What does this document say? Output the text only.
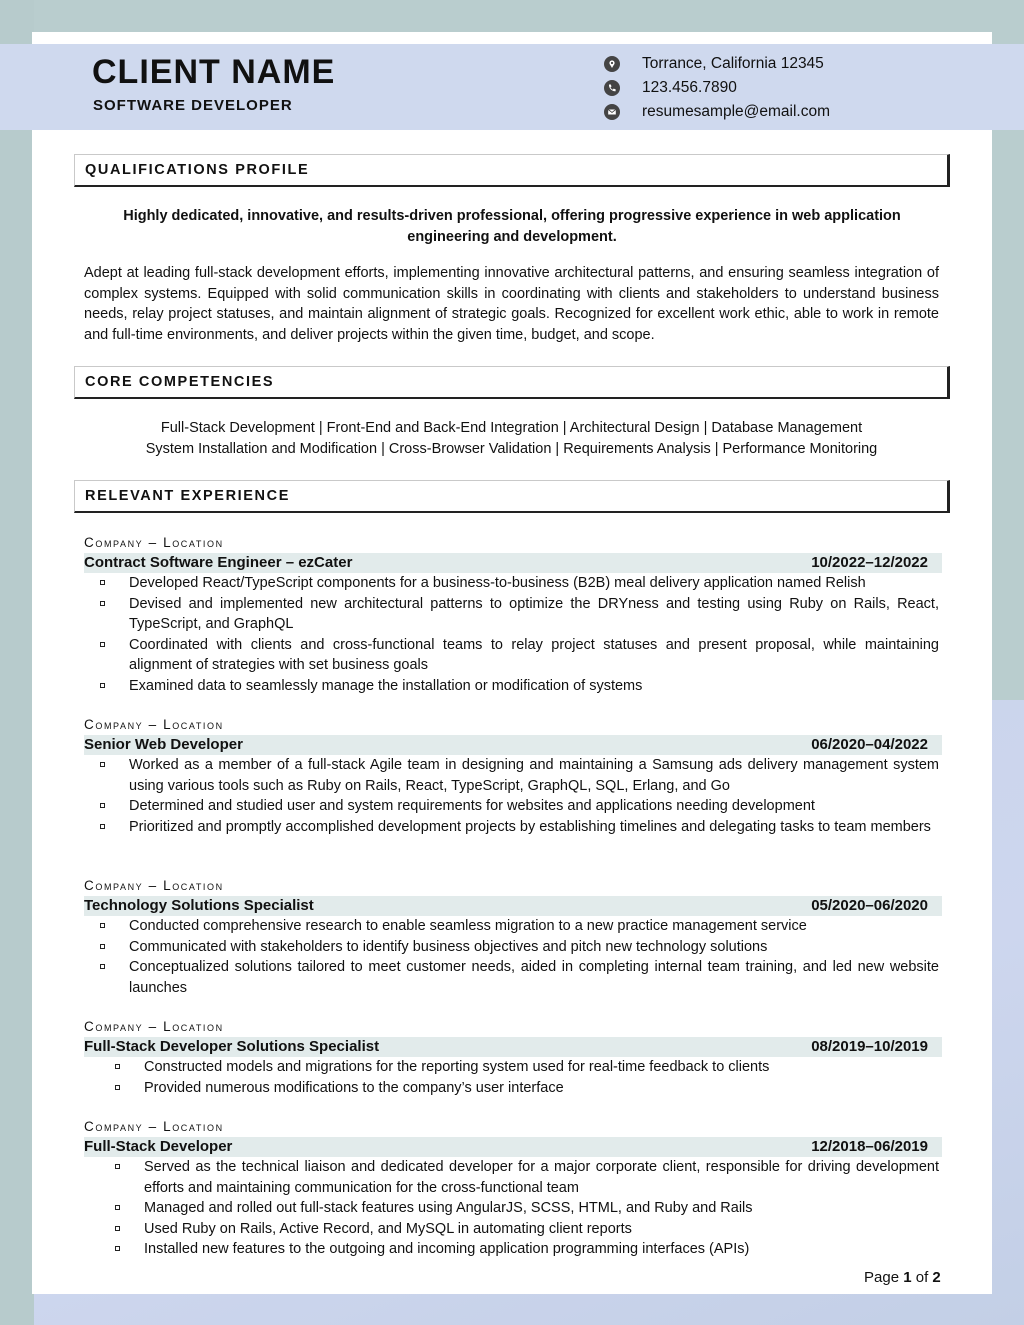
CLIENT NAME
SOFTWARE DEVELOPER
Torrance, California 12345
123.456.7890
resumesample@email.com
QUALIFICATIONS PROFILE
Highly dedicated, innovative, and results-driven professional, offering progressive experience in web application engineering and development.
Adept at leading full-stack development efforts, implementing innovative architectural patterns, and ensuring seamless integration of complex systems. Equipped with solid communication skills in coordinating with clients and stakeholders to understand business needs, relay project statuses, and maintain alignment of strategic goals. Recognized for excellent work ethic, able to work in remote and full-time environments, and deliver projects within the given time, budget, and scope.
CORE COMPETENCIES
Full-Stack Development | Front-End and Back-End Integration | Architectural Design | Database Management
System Installation and Modification | Cross-Browser Validation | Requirements Analysis | Performance Monitoring
RELEVANT EXPERIENCE
Company – Location
Contract Software Engineer – ezCater	10/2022–12/2022
Developed React/TypeScript components for a business-to-business (B2B) meal delivery application named Relish
Devised and implemented new architectural patterns to optimize the DRYness and testing using Ruby on Rails, React, TypeScript, and GraphQL
Coordinated with clients and cross-functional teams to relay project statuses and present proposal, while maintaining alignment of strategies with set business goals
Examined data to seamlessly manage the installation or modification of systems
Company – Location
Senior Web Developer	06/2020–04/2022
Worked as a member of a full-stack Agile team in designing and maintaining a Samsung ads delivery management system using various tools such as Ruby on Rails, React, TypeScript, GraphQL, SQL, Erlang, and Go
Determined and studied user and system requirements for websites and applications needing development
Prioritized and promptly accomplished development projects by establishing timelines and delegating tasks to team members
Company – Location
Technology Solutions Specialist	05/2020–06/2020
Conducted comprehensive research to enable seamless migration to a new practice management service
Communicated with stakeholders to identify business objectives and pitch new technology solutions
Conceptualized solutions tailored to meet customer needs, aided in completing internal team training, and led new website launches
Company – Location
Full-Stack Developer Solutions Specialist	08/2019–10/2019
Constructed models and migrations for the reporting system used for real-time feedback to clients
Provided numerous modifications to the company’s user interface
Company – Location
Full-Stack Developer	12/2018–06/2019
Served as the technical liaison and dedicated developer for a major corporate client, responsible for driving development efforts and maintaining communication for the cross-functional team
Managed and rolled out full-stack features using AngularJS, SCSS, HTML, and Ruby and Rails
Used Ruby on Rails, Active Record, and MySQL in automating client reports
Installed new features to the outgoing and incoming application programming interfaces (APIs)
Page 1 of 2
